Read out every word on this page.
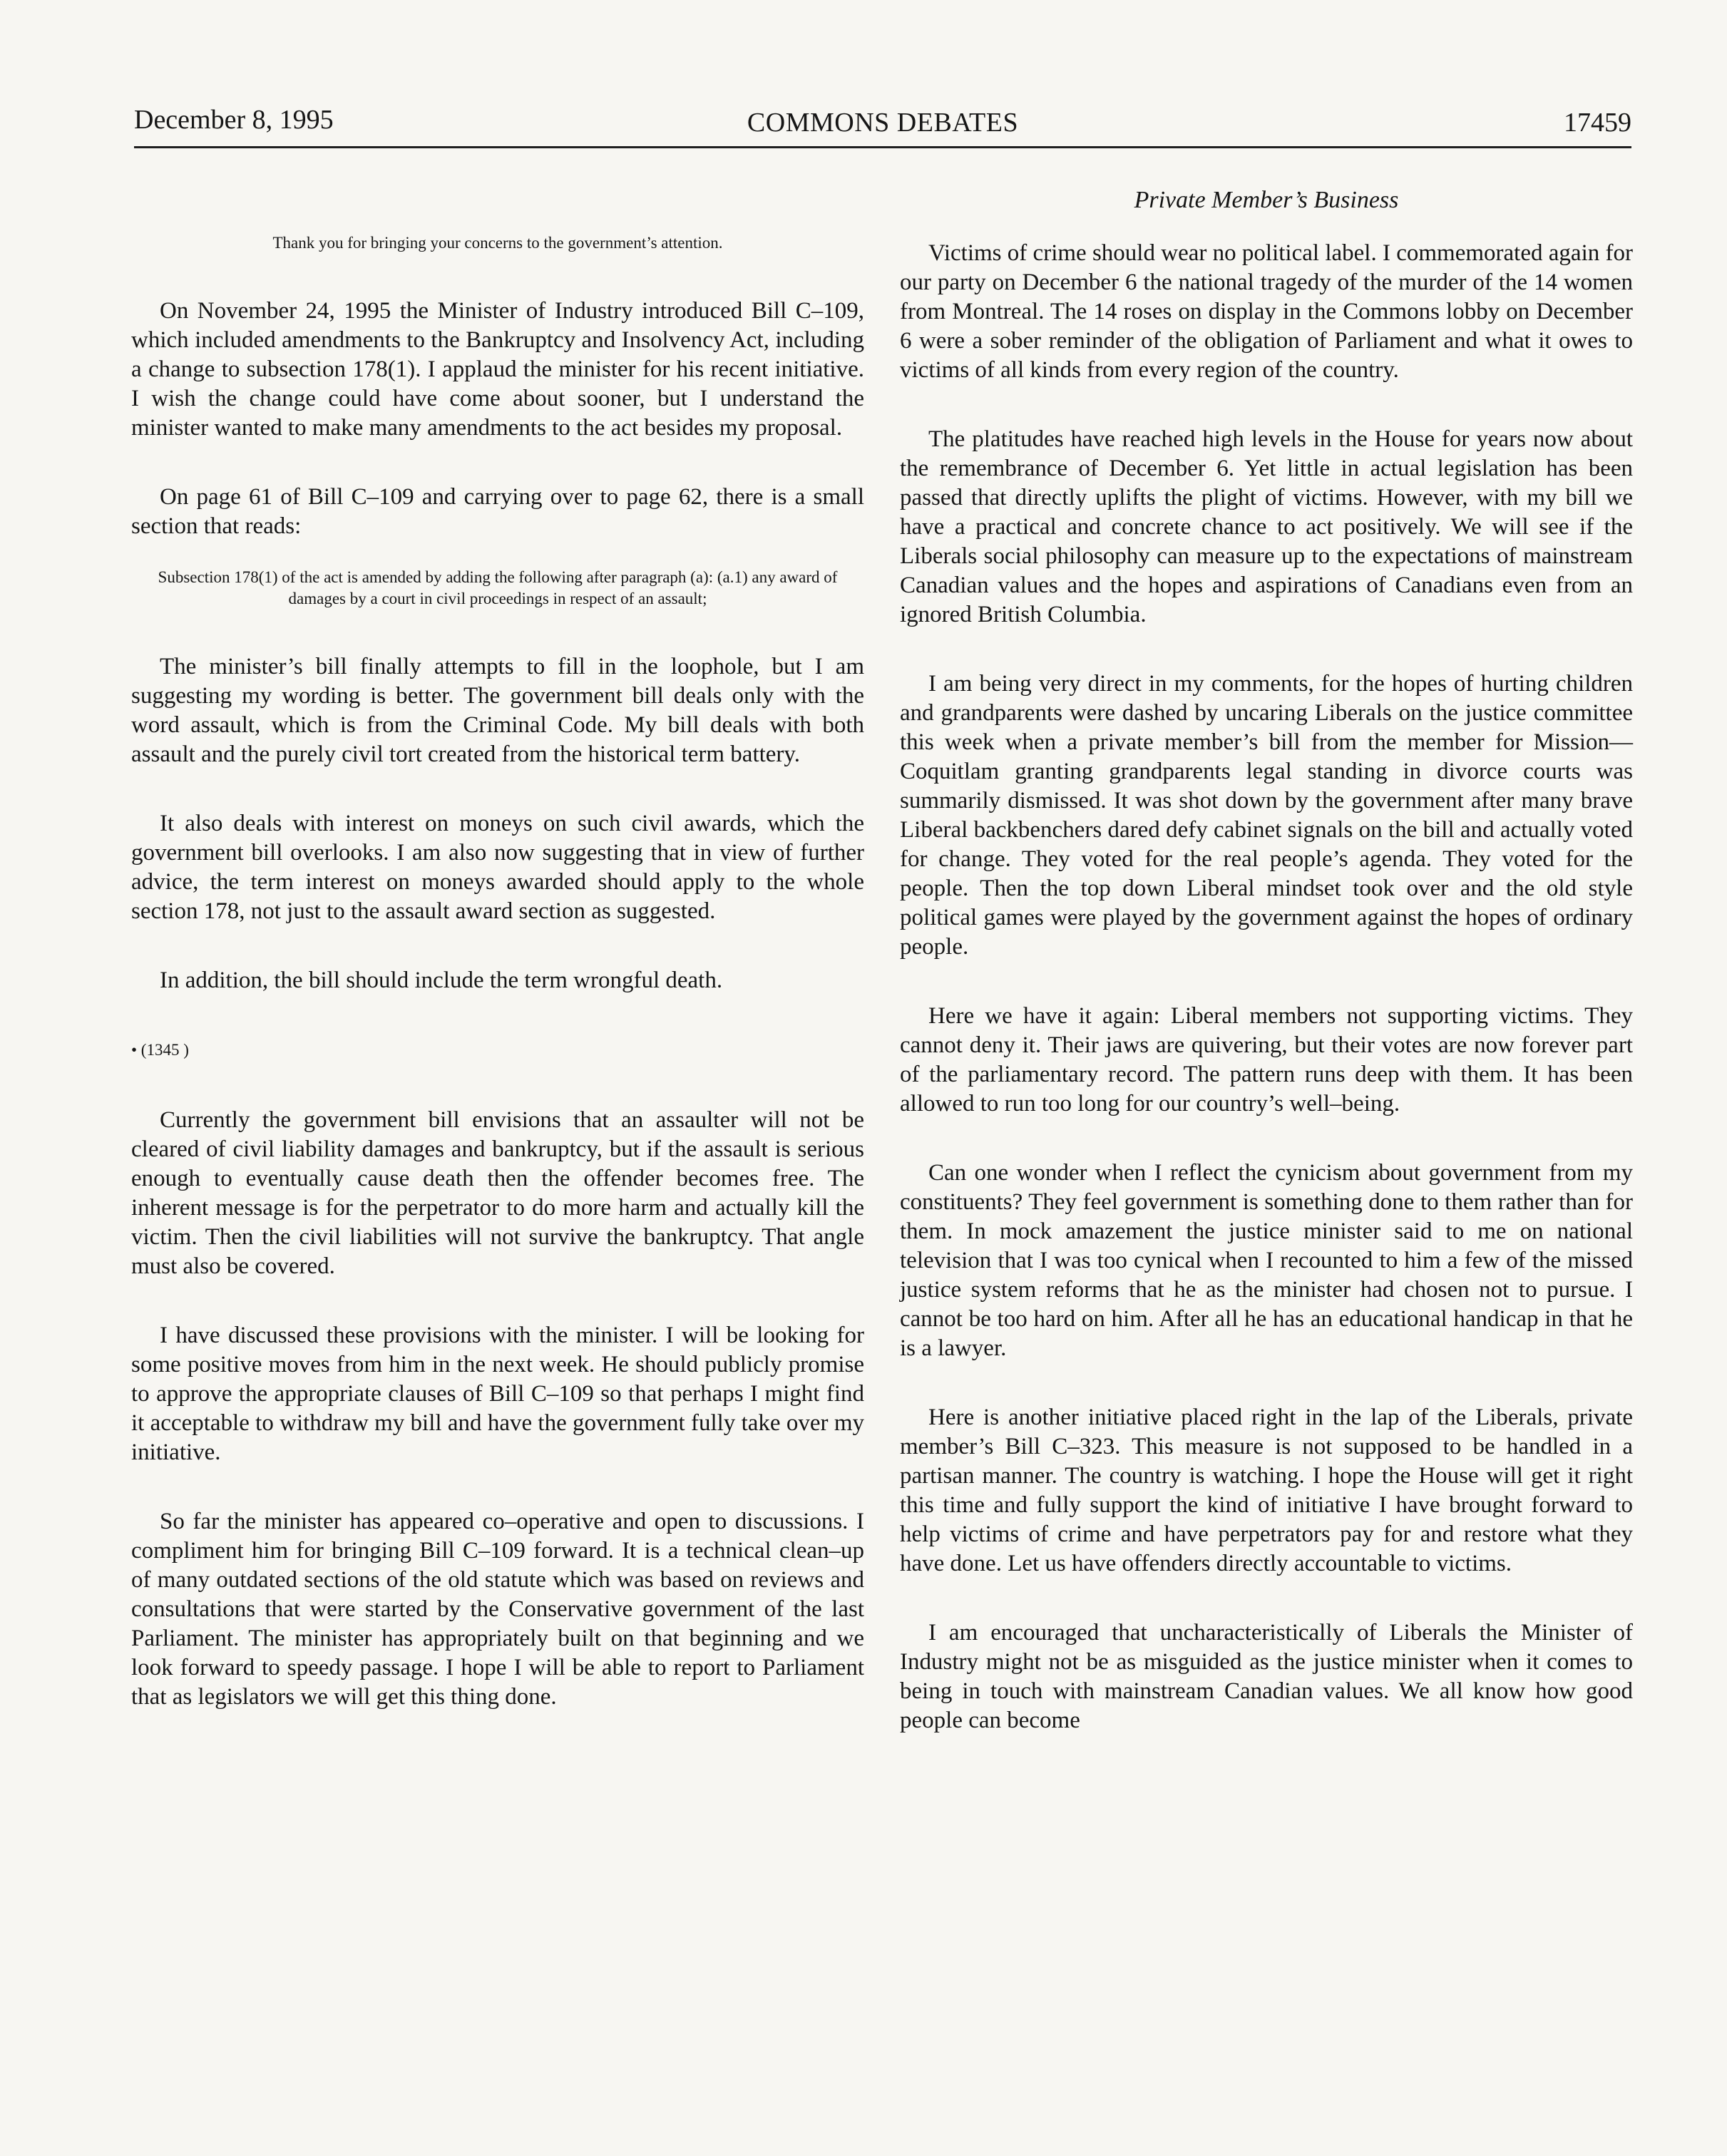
December 8, 1995	COMMONS DEBATES	17459

Thank you for bringing your concerns to the government’s attention.

On November 24, 1995 the Minister of Industry introduced Bill C–109, which included amendments to the Bankruptcy and Insolvency Act, including a change to subsection 178(1). I applaud the minister for his recent initiative. I wish the change could have come about sooner, but I understand the minister wanted to make many amendments to the act besides my proposal.

On page 61 of Bill C–109 and carrying over to page 62, there is a small section that reads:

Subsection 178(1) of the act is amended by adding the following after paragraph (a): (a.1) any award of damages by a court in civil proceedings in respect of an assault;

The minister’s bill finally attempts to fill in the loophole, but I am suggesting my wording is better. The government bill deals only with the word assault, which is from the Criminal Code. My bill deals with both assault and the purely civil tort created from the historical term battery.

It also deals with interest on moneys on such civil awards, which the government bill overlooks. I am also now suggesting that in view of further advice, the term interest on moneys awarded should apply to the whole section 178, not just to the assault award section as suggested.

In addition, the bill should include the term wrongful death.

• (1345 )

Currently the government bill envisions that an assaulter will not be cleared of civil liability damages and bankruptcy, but if the assault is serious enough to eventually cause death then the offender becomes free. The inherent message is for the perpetrator to do more harm and actually kill the victim. Then the civil liabilities will not survive the bankruptcy. That angle must also be covered.

I have discussed these provisions with the minister. I will be looking for some positive moves from him in the next week. He should publicly promise to approve the appropriate clauses of Bill C–109 so that perhaps I might find it acceptable to withdraw my bill and have the government fully take over my initiative.

So far the minister has appeared co–operative and open to discussions. I compliment him for bringing Bill C–109 forward. It is a technical clean–up of many outdated sections of the old statute which was based on reviews and consultations that were started by the Conservative government of the last Parliament. The minister has appropriately built on that beginning and we look forward to speedy passage. I hope I will be able to report to Parliament that as legislators we will get this thing done.

Private Member’s Business

Victims of crime should wear no political label. I commemorated again for our party on December 6 the national tragedy of the murder of the 14 women from Montreal. The 14 roses on display in the Commons lobby on December 6 were a sober reminder of the obligation of Parliament and what it owes to victims of all kinds from every region of the country.

The platitudes have reached high levels in the House for years now about the remembrance of December 6. Yet little in actual legislation has been passed that directly uplifts the plight of victims. However, with my bill we have a practical and concrete chance to act positively. We will see if the Liberals social philosophy can measure up to the expectations of mainstream Canadian values and the hopes and aspirations of Canadians even from an ignored British Columbia.

I am being very direct in my comments, for the hopes of hurting children and grandparents were dashed by uncaring Liberals on the justice committee this week when a private member’s bill from the member for Mission—Coquitlam granting grandparents legal standing in divorce courts was summarily dismissed. It was shot down by the government after many brave Liberal backbenchers dared defy cabinet signals on the bill and actually voted for change. They voted for the real people’s agenda. They voted for the people. Then the top down Liberal mindset took over and the old style political games were played by the government against the hopes of ordinary people.

Here we have it again: Liberal members not supporting victims. They cannot deny it. Their jaws are quivering, but their votes are now forever part of the parliamentary record. The pattern runs deep with them. It has been allowed to run too long for our country’s well–being.

Can one wonder when I reflect the cynicism about government from my constituents? They feel government is something done to them rather than for them. In mock amazement the justice minister said to me on national television that I was too cynical when I recounted to him a few of the missed justice system reforms that he as the minister had chosen not to pursue. I cannot be too hard on him. After all he has an educational handicap in that he is a lawyer.

Here is another initiative placed right in the lap of the Liberals, private member’s Bill C–323. This measure is not supposed to be handled in a partisan manner. The country is watching. I hope the House will get it right this time and fully support the kind of initiative I have brought forward to help victims of crime and have perpetrators pay for and restore what they have done. Let us have offenders directly accountable to victims.

I am encouraged that uncharacteristically of Liberals the Minister of Industry might not be as misguided as the justice minister when it comes to being in touch with mainstream Canadian values. We all know how good people can become
